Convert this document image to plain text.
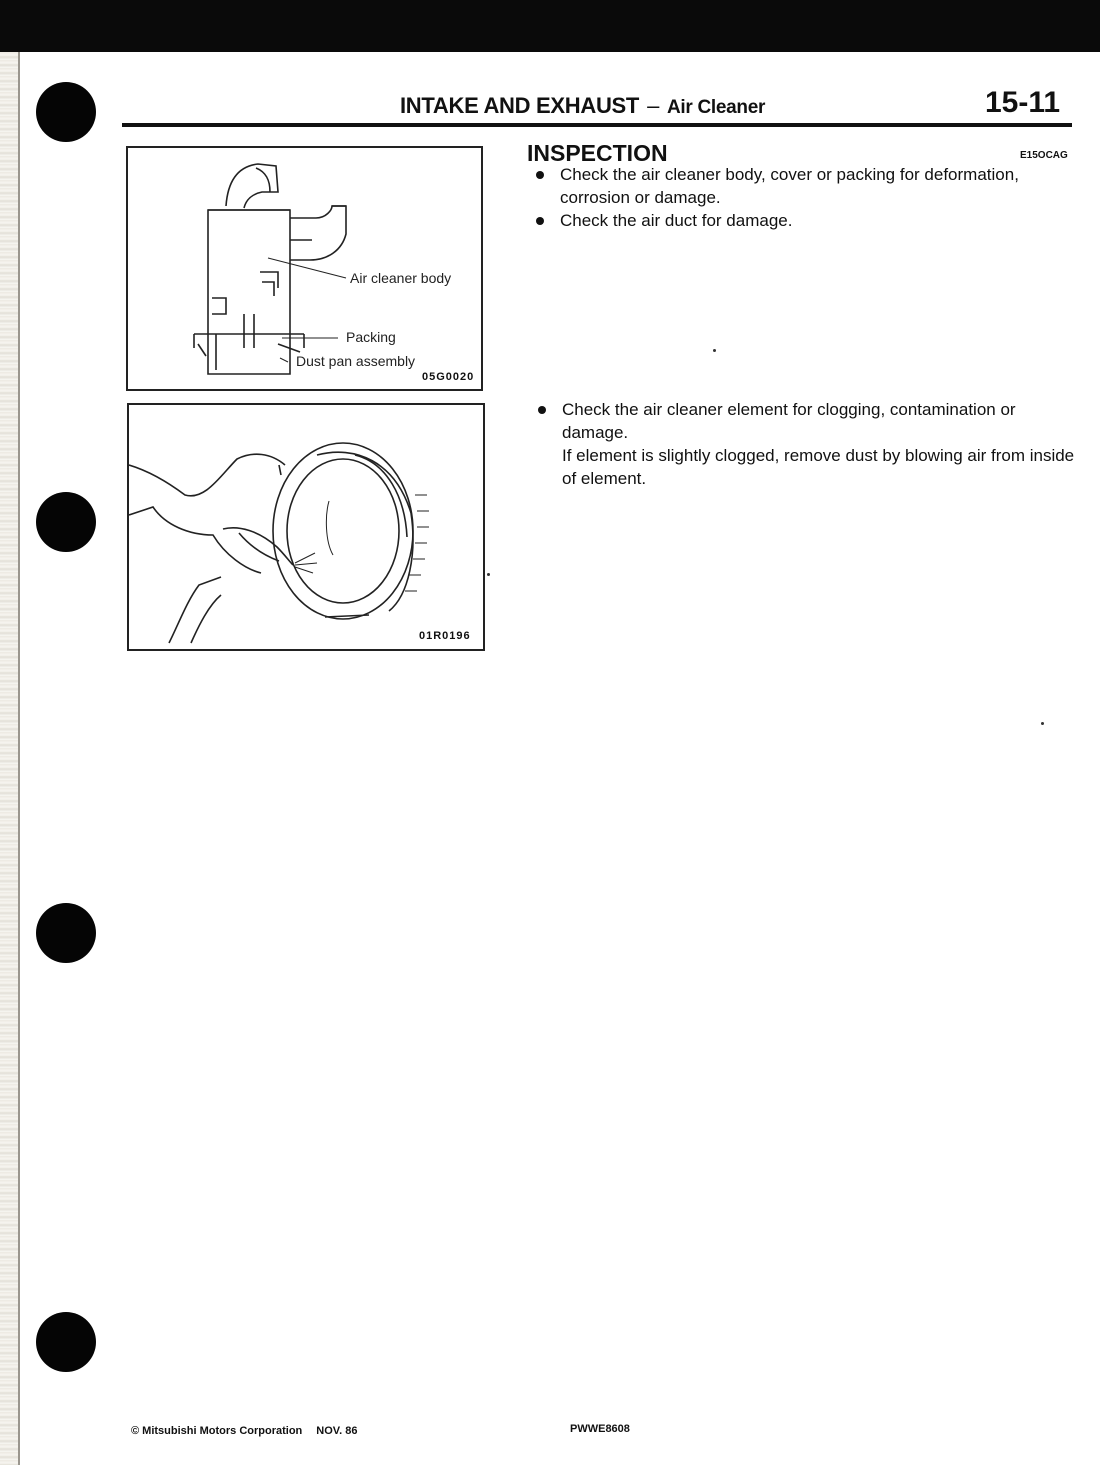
INTAKE AND EXHAUST – Air Cleaner	15-11
Air cleaner body
Packing
Dust pan assembly
05G0020
01R0196
INSPECTION	E15OCAG
Check the air cleaner body, cover or packing for deformation, corrosion or damage.
Check the air duct for damage.
Check the air cleaner element for clogging, contamination or damage.
If element is slightly clogged, remove dust by blowing air from inside of element.
© Mitsubishi Motors Corporation NOV. 86	PWWE8608
